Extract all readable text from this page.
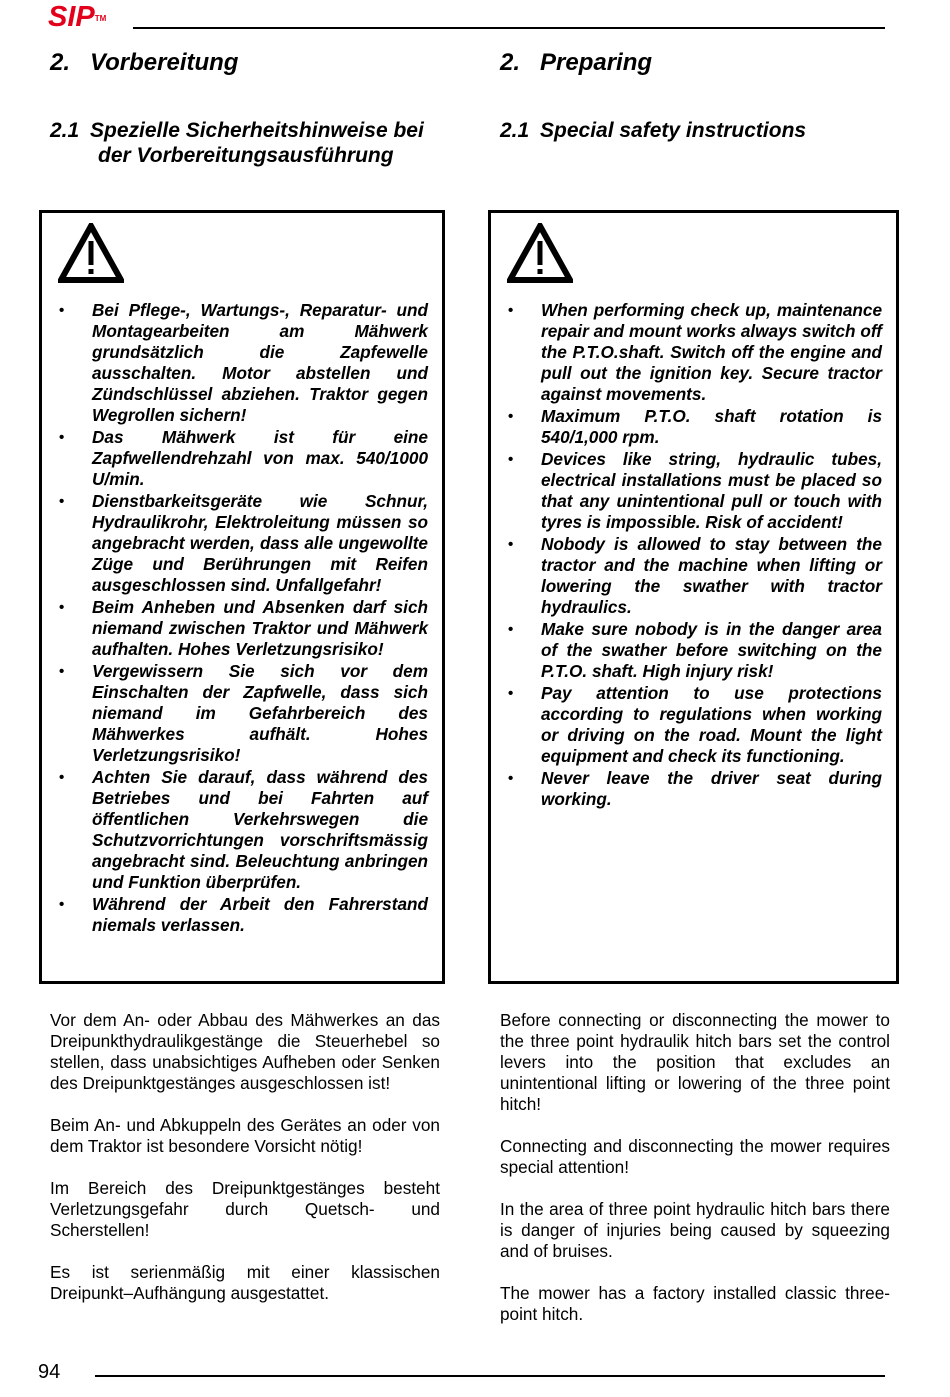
SIP™
2. Vorbereitung
2.1 Spezielle Sicherheitshinweise bei
der Vorbereitungsausführung
2. Preparing
2.1 Special safety instructions
• Bei Pflege-, Wartungs-, Reparatur- und Montagearbeiten am Mähwerk grundsätzlich die Zapfewelle ausschalten. Motor abstellen und Zündschlüssel abziehen. Traktor gegen Wegrollen sichern!
• Das Mähwerk ist für eine Zapfwellendrehzahl von max. 540/1000 U/min.
• Dienstbarkeitsgeräte wie Schnur, Hydraulikrohr, Elektroleitung müssen so angebracht werden, dass alle ungewollte Züge und Berührungen mit Reifen ausgeschlossen sind. Unfallgefahr!
• Beim Anheben und Absenken darf sich niemand zwischen Traktor und Mähwerk aufhalten. Hohes Verletzungsrisiko!
• Vergewissern Sie sich vor dem Einschalten der Zapfwelle, dass sich niemand im Gefahrbereich des Mähwerkes aufhält. Hohes Verletzungsrisiko!
• Achten Sie darauf, dass während des Betriebes und bei Fahrten auf öffentlichen Verkehrswegen die Schutzvorrichtungen vorschriftsmässig angebracht sind. Beleuchtung anbringen und Funktion überprüfen.
• Während der Arbeit den Fahrerstand niemals verlassen.
• When performing check up, maintenance repair and mount works always switch off the P.T.O.shaft. Switch off the engine and pull out the ignition key. Secure tractor against movements.
• Maximum P.T.O. shaft rotation is 540/1,000 rpm.
• Devices like string, hydraulic tubes, electrical installations must be placed so that any unintentional pull or touch with tyres is impossible. Risk of accident!
• Nobody is allowed to stay between the tractor and the machine when lifting or lowering the swather with tractor hydraulics.
• Make sure nobody is in the danger area of the swather before switching on the P.T.O. shaft. High injury risk!
• Pay attention to use protections according to regulations when working or driving on the road. Mount the light equipment and check its functioning.
• Never leave the driver seat during working.

Vor dem An- oder Abbau des Mähwerkes an das Dreipunkthydraulikgestänge die Steuerhebel so stellen, dass unabsichtiges Aufheben oder Senken des Dreipunktgestänges ausgeschlossen ist!

Beim An- und Abkuppeln des Gerätes an oder von dem Traktor ist besondere Vorsicht nötig!

Im Bereich des Dreipunktgestänges besteht Verletzungsgefahr durch Quetsch- und Scherstellen!

Es ist serienmäßig mit einer klassischen Dreipunkt–Aufhängung ausgestattet.

Before connecting or disconnecting the mower to the three point hydraulik hitch bars set the control levers into the position that excludes an unintentional lifting or lowering of the three point hitch!

Connecting and disconnecting the mower requires special attention!

In the area of three point hydraulic hitch bars there is danger of injuries being caused by squeezing and of bruises.

The mower has a factory installed classic three-point hitch.

94
